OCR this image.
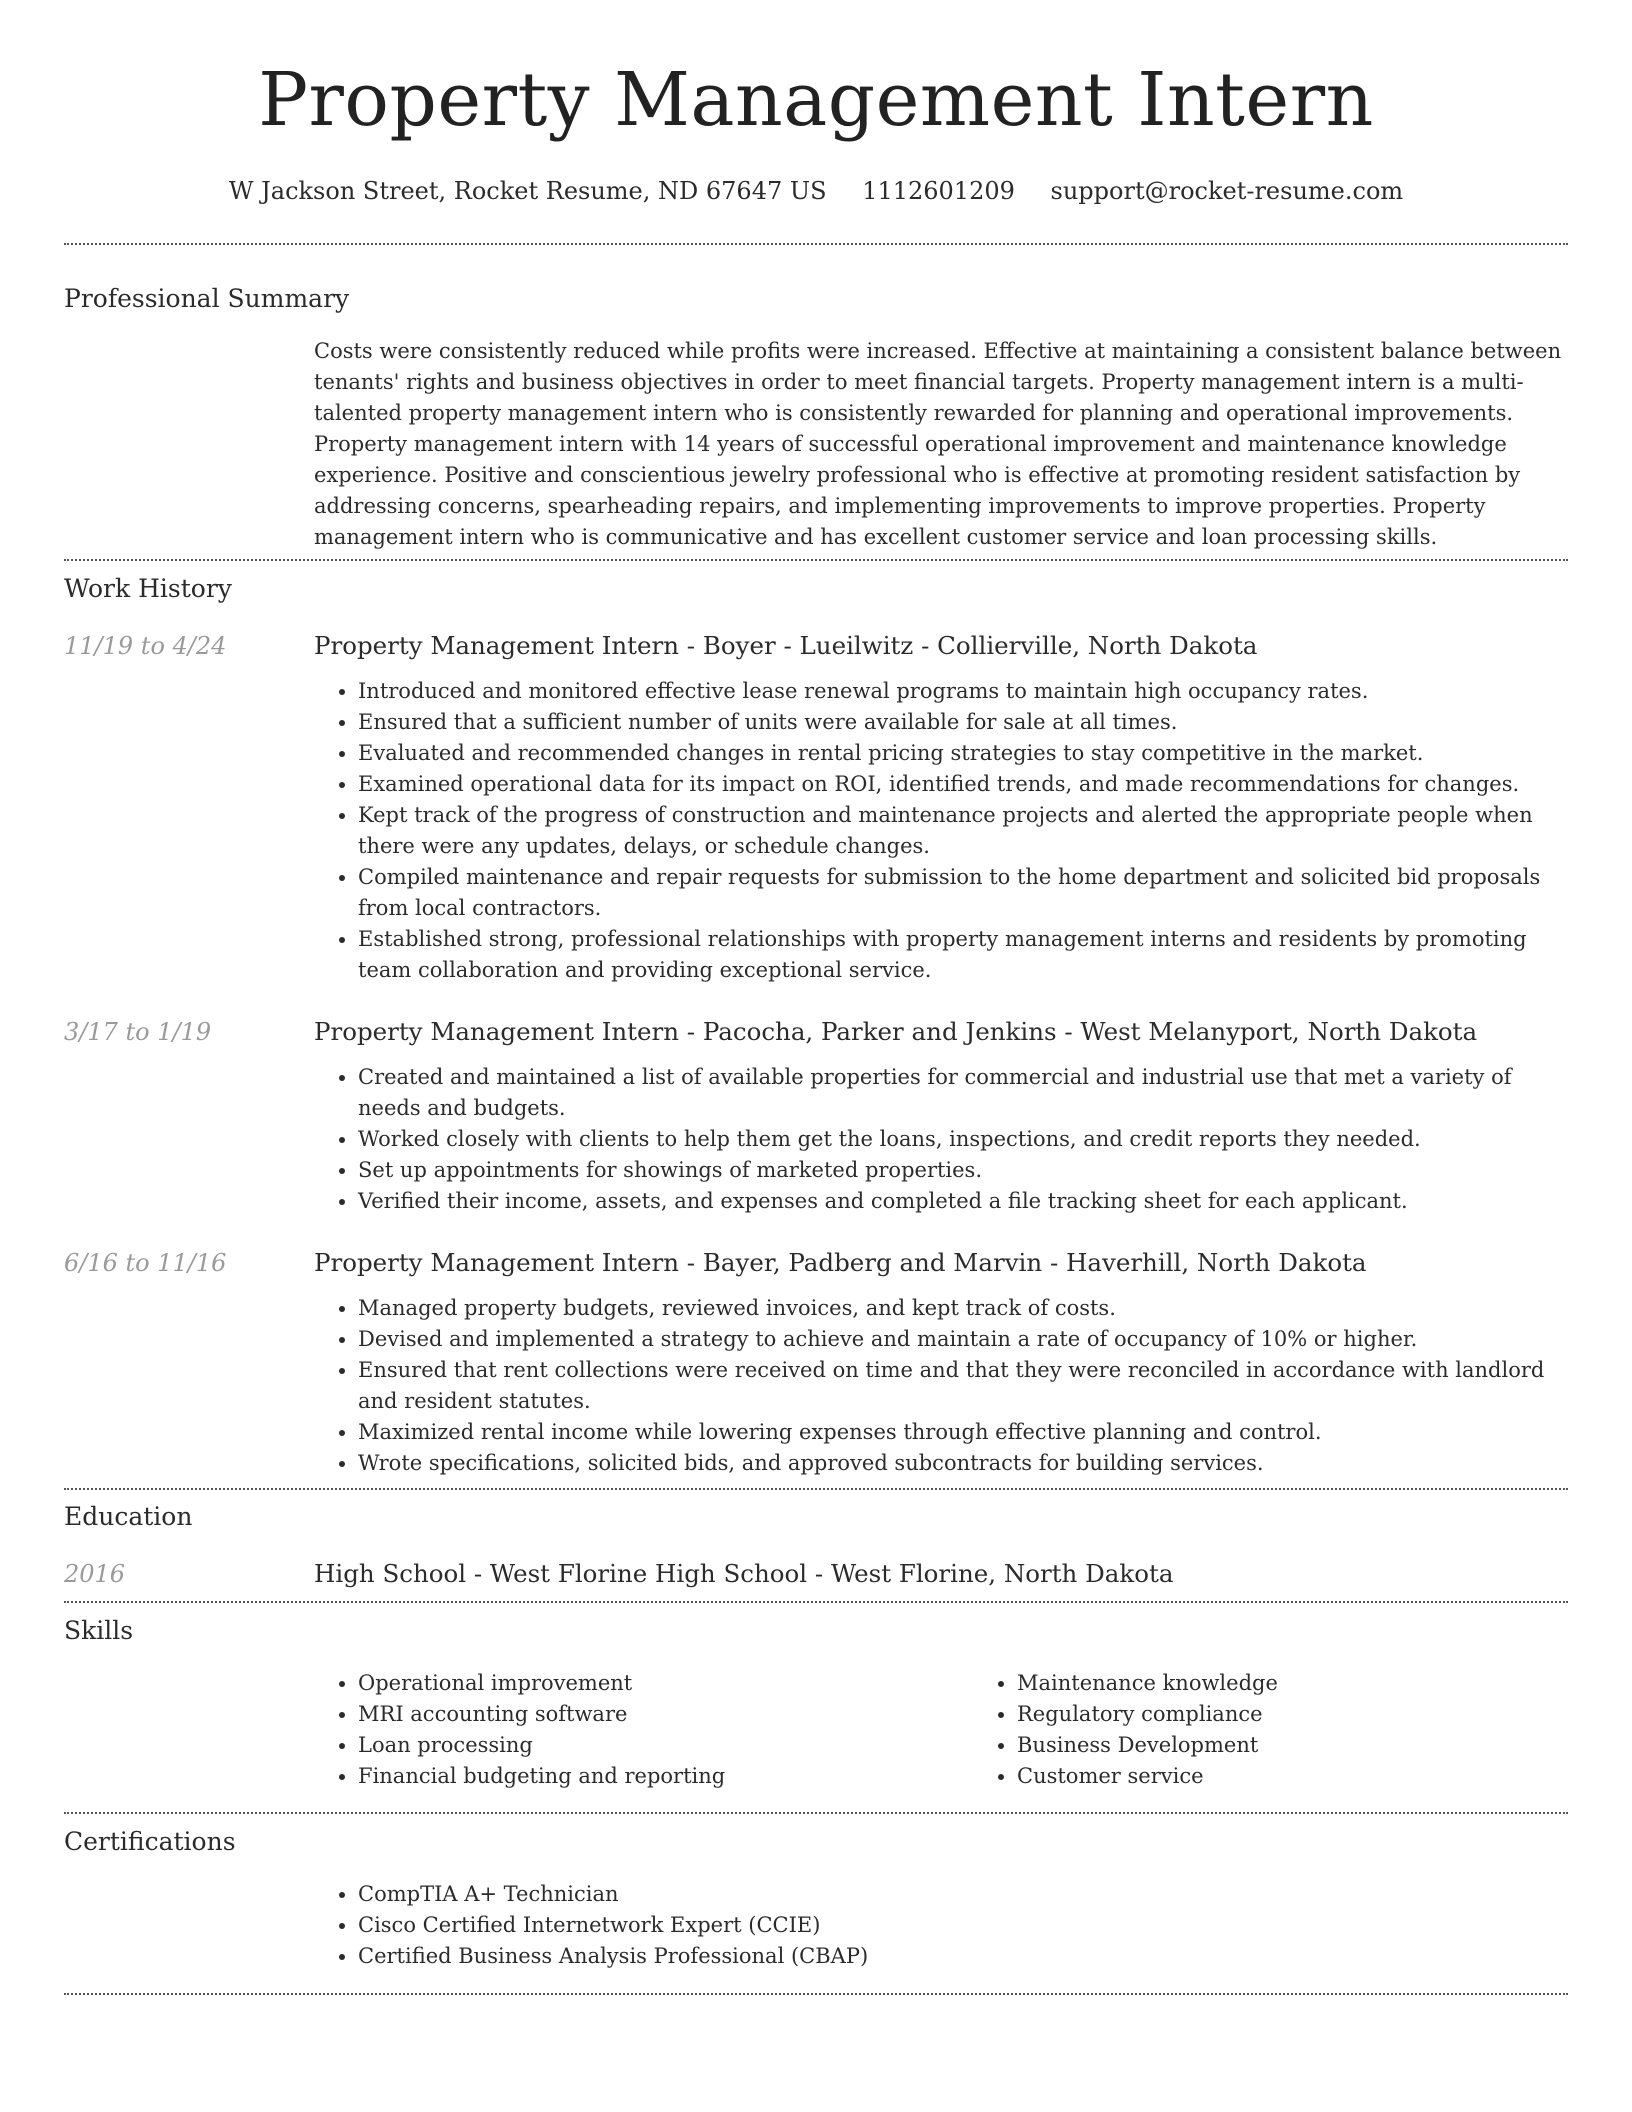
Property Management Intern
W Jackson Street, Rocket Resume, ND 67647 US 1112601209 support@rocket-resume.com
Professional Summary

Costs were consistently reduced while profits were increased. Effective at maintaining a consistent balance between tenants' rights and business objectives in order to meet financial targets. Property management intern is a multi-talented property management intern who is consistently rewarded for planning and operational improvements. Property management intern with 14 years of successful operational improvement and maintenance knowledge experience. Positive and conscientious jewelry professional who is effective at promoting resident satisfaction by addressing concerns, spearheading repairs, and implementing improvements to improve properties. Property management intern who is communicative and has excellent customer service and loan processing skills.

Work History
11/19 to 4/24	Property Management Intern - Boyer - Lueilwitz - Collierville, North Dakota
• Introduced and monitored effective lease renewal programs to maintain high occupancy rates.
• Ensured that a sufficient number of units were available for sale at all times.
• Evaluated and recommended changes in rental pricing strategies to stay competitive in the market.
• Examined operational data for its impact on ROI, identified trends, and made recommendations for changes.
• Kept track of the progress of construction and maintenance projects and alerted the appropriate people when there were any updates, delays, or schedule changes.
• Compiled maintenance and repair requests for submission to the home department and solicited bid proposals from local contractors.
• Established strong, professional relationships with property management interns and residents by promoting team collaboration and providing exceptional service.
3/17 to 1/19	Property Management Intern - Pacocha, Parker and Jenkins - West Melanyport, North Dakota
• Created and maintained a list of available properties for commercial and industrial use that met a variety of needs and budgets.
• Worked closely with clients to help them get the loans, inspections, and credit reports they needed.
• Set up appointments for showings of marketed properties.
• Verified their income, assets, and expenses and completed a file tracking sheet for each applicant.
6/16 to 11/16	Property Management Intern - Bayer, Padberg and Marvin - Haverhill, North Dakota
• Managed property budgets, reviewed invoices, and kept track of costs.
• Devised and implemented a strategy to achieve and maintain a rate of occupancy of 10% or higher.
• Ensured that rent collections were received on time and that they were reconciled in accordance with landlord and resident statutes.
• Maximized rental income while lowering expenses through effective planning and control.
• Wrote specifications, solicited bids, and approved subcontracts for building services.
Education
2016	High School - West Florine High School - West Florine, North Dakota
Skills
• Operational improvement
• MRI accounting software
• Loan processing
• Financial budgeting and reporting
• Maintenance knowledge
• Regulatory compliance
• Business Development
• Customer service
Certifications
• CompTIA A+ Technician
• Cisco Certified Internetwork Expert (CCIE)
• Certified Business Analysis Professional (CBAP)
